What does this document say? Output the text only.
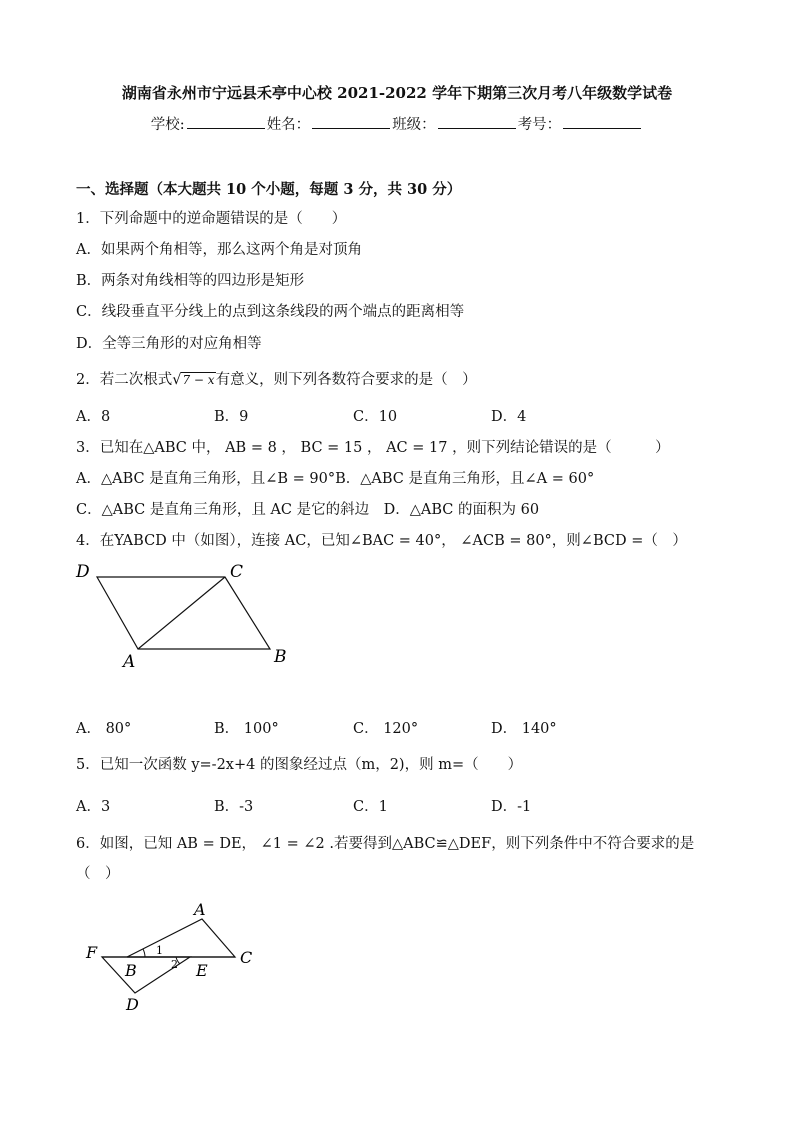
湖南省永州市宁远县禾亭中心校 2021-2022 学年下期第三次月考八年级数学试卷
学校:	姓名：	班级：	考号：
一、选择题（本大题共 10 个小题，每题 3 分，共 30 分）
1．下列命题中的逆命题错误的是（　　）
A．如果两个角相等，那么这两个角是对顶角
B．两条对角线相等的四边形是矩形
C．线段垂直平分线上的点到这条线段的两个端点的距离相等
D．全等三角形的对应角相等
2．若二次根式√7 − x有意义，则下列各数符合要求的是（　）
A．8	B．9	C．10	D．4
3．已知在△ABC 中， AB = 8 ， BC = 15 ， AC = 17 ，则下列结论错误的是（　　　）
A．△ABC 是直角三角形，且∠B = 90°B．△ABC 是直角三角形，且∠A = 60°
C．△ABC 是直角三角形，且 AC 是它的斜边　D．△ABC 的面积为 60
4．在YABCD 中（如图），连接 AC，已知∠BAC = 40°， ∠ACB = 80°，则∠BCD =（　）
D	C
A	B
A． 80°	B． 100°	C． 120°	D． 140°
5．已知一次函数 y=-2x+4 的图象经过点（m，2)，则 m=（　　）
A．3	B．-3	C．1	D．-1
6．如图，已知 AB = DE， ∠1 = ∠2 .若要得到△ABC≌△DEF，则下列条件中不符合要求的是
（　）
A
F
B	E
C
D
1
2
